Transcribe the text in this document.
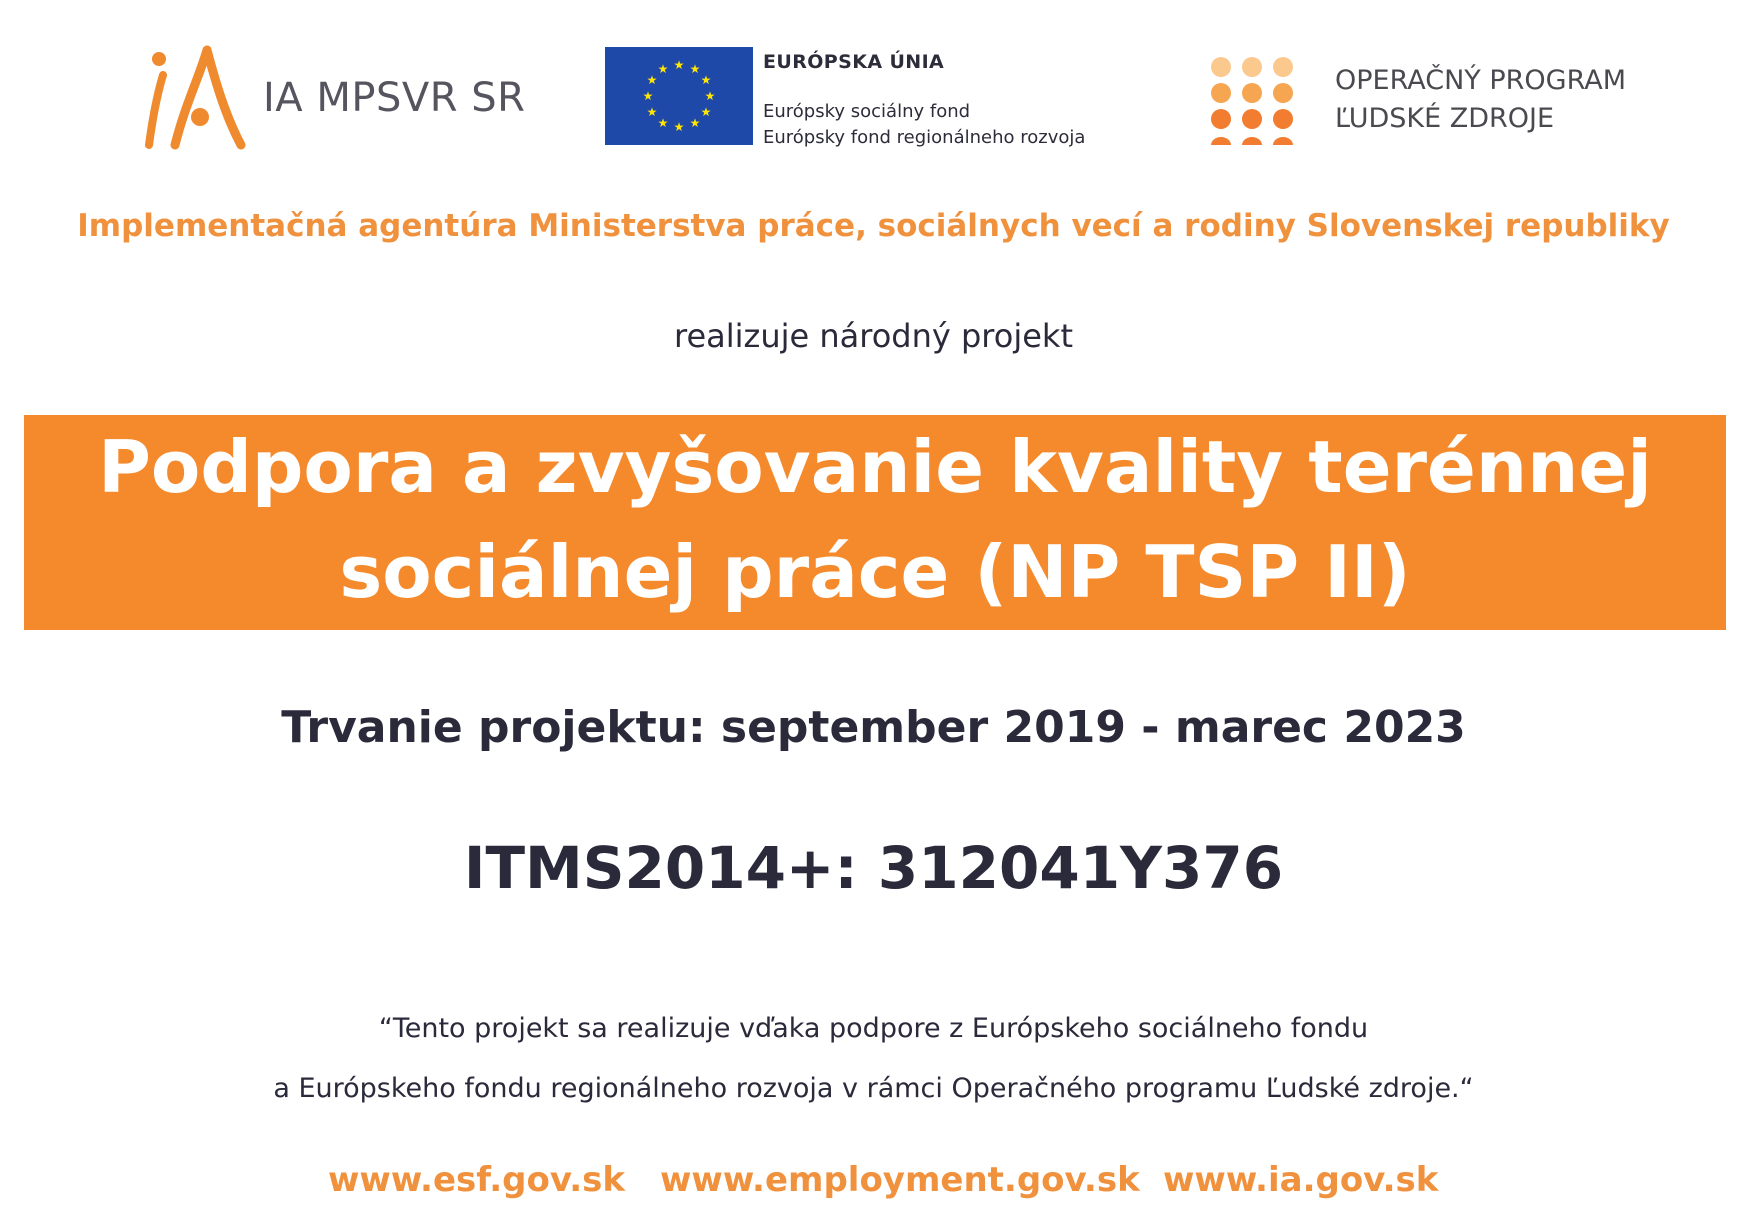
IA MPSVR SR
★ ★
★
★
★
★
★
★
★
★
★
★	EURÓPSKA ÚNIA
Európsky sociálny fond
Európsky fond regionálneho rozvoja
OPERAČNÝ PROGRAM
ĽUDSKÉ ZDROJE
Implementačná agentúra Ministerstva práce, sociálnych vecí a rodiny Slovenskej republiky
realizuje národný projekt
Podpora a zvyšovanie kvality terénnej
sociálnej práce (NP TSP II)
Trvanie projektu: september 2019 - marec 2023
ITMS2014+: 312041Y376
“Tento projekt sa realizuje vďaka podpore z Európskeho sociálneho fondu
a Európskeho fondu regionálneho rozvoja v rámci Operačného programu Ľudské zdroje.“
www.esf.gov.sk www.employment.gov.sk www.ia.gov.sk
